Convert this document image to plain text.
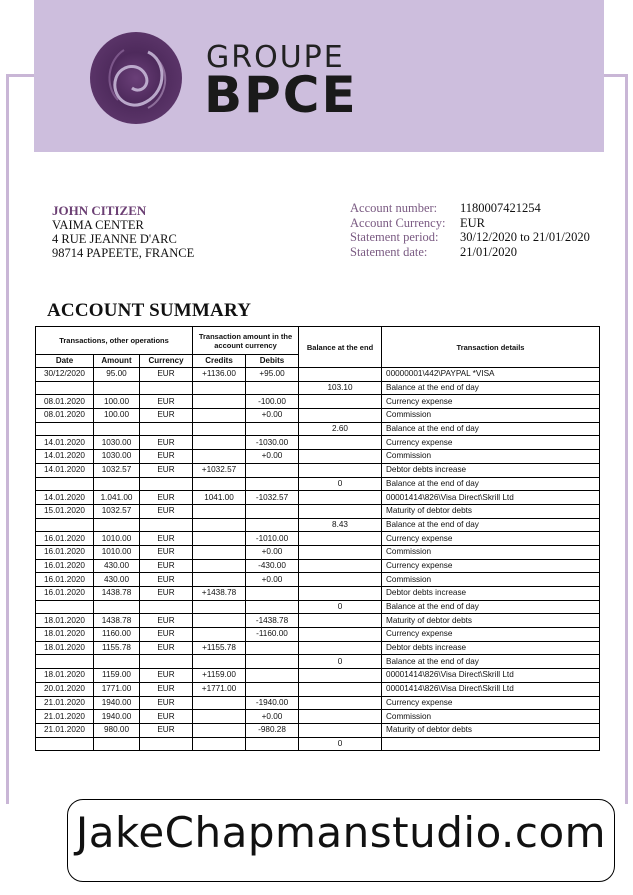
GROUPE
BPCE
JOHN CITIZEN
VAIMA CENTER
4 RUE JEANNE D'ARC
98714 PAPEETE, FRANCE
Account number:	1180007421254
Account Currency:	EUR
Statement period:	30/12/2020 to 21/01/2020
Statement date:	21/01/2020
ACCOUNT SUMMARY
Transactions, other operations			Transaction amount in the account currency		Balance at the end	Transaction details
Date	Amount	Currency	Credits	Debits		
30/12/2020	95.00	EUR	+1136.00	+95.00		00000001\442\PAYPAL *VISA
					103.10	Balance at the end of day
08.01.2020	100.00	EUR		-100.00		Currency expense
08.01.2020	100.00	EUR		+0.00		Commission
					2.60	Balance at the end of day
14.01.2020	1030.00	EUR		-1030.00		Currency expense
14.01.2020	1030.00	EUR		+0.00		Commission
14.01.2020	1032.57	EUR	+1032.57			Debtor debts increase
					0	Balance at the end of day
14.01.2020	1.041.00	EUR	1041.00	-1032.57		00001414\826\Visa Direct\Skrill Ltd
15.01.2020	1032.57	EUR				Maturity of debtor debts
					8.43	Balance at the end of day
16.01.2020	1010.00	EUR		-1010.00		Currency expense
16.01.2020	1010.00	EUR		+0.00		Commission
16.01.2020	430.00	EUR		-430.00		Currency expense
16.01.2020	430.00	EUR		+0.00		Commission
16.01.2020	1438.78	EUR	+1438.78			Debtor debts increase
					0	Balance at the end of day
18.01.2020	1438.78	EUR		-1438.78		Maturity of debtor debts
18.01.2020	1160.00	EUR		-1160.00		Currency expense
18.01.2020	1155.78	EUR	+1155.78			Debtor debts increase
					0	Balance at the end of day
18.01.2020	1159.00	EUR	+1159.00			00001414\826\Visa Direct\Skrill Ltd
20.01.2020	1771.00	EUR	+1771.00			00001414\826\Visa Direct\Skrill Ltd
21.01.2020	1940.00	EUR		-1940.00		Currency expense
21.01.2020	1940.00	EUR		+0.00		Commission
21.01.2020	980.00	EUR		-980.28		Maturity of debtor debts
					0	
JakeChapmanstudio.com
